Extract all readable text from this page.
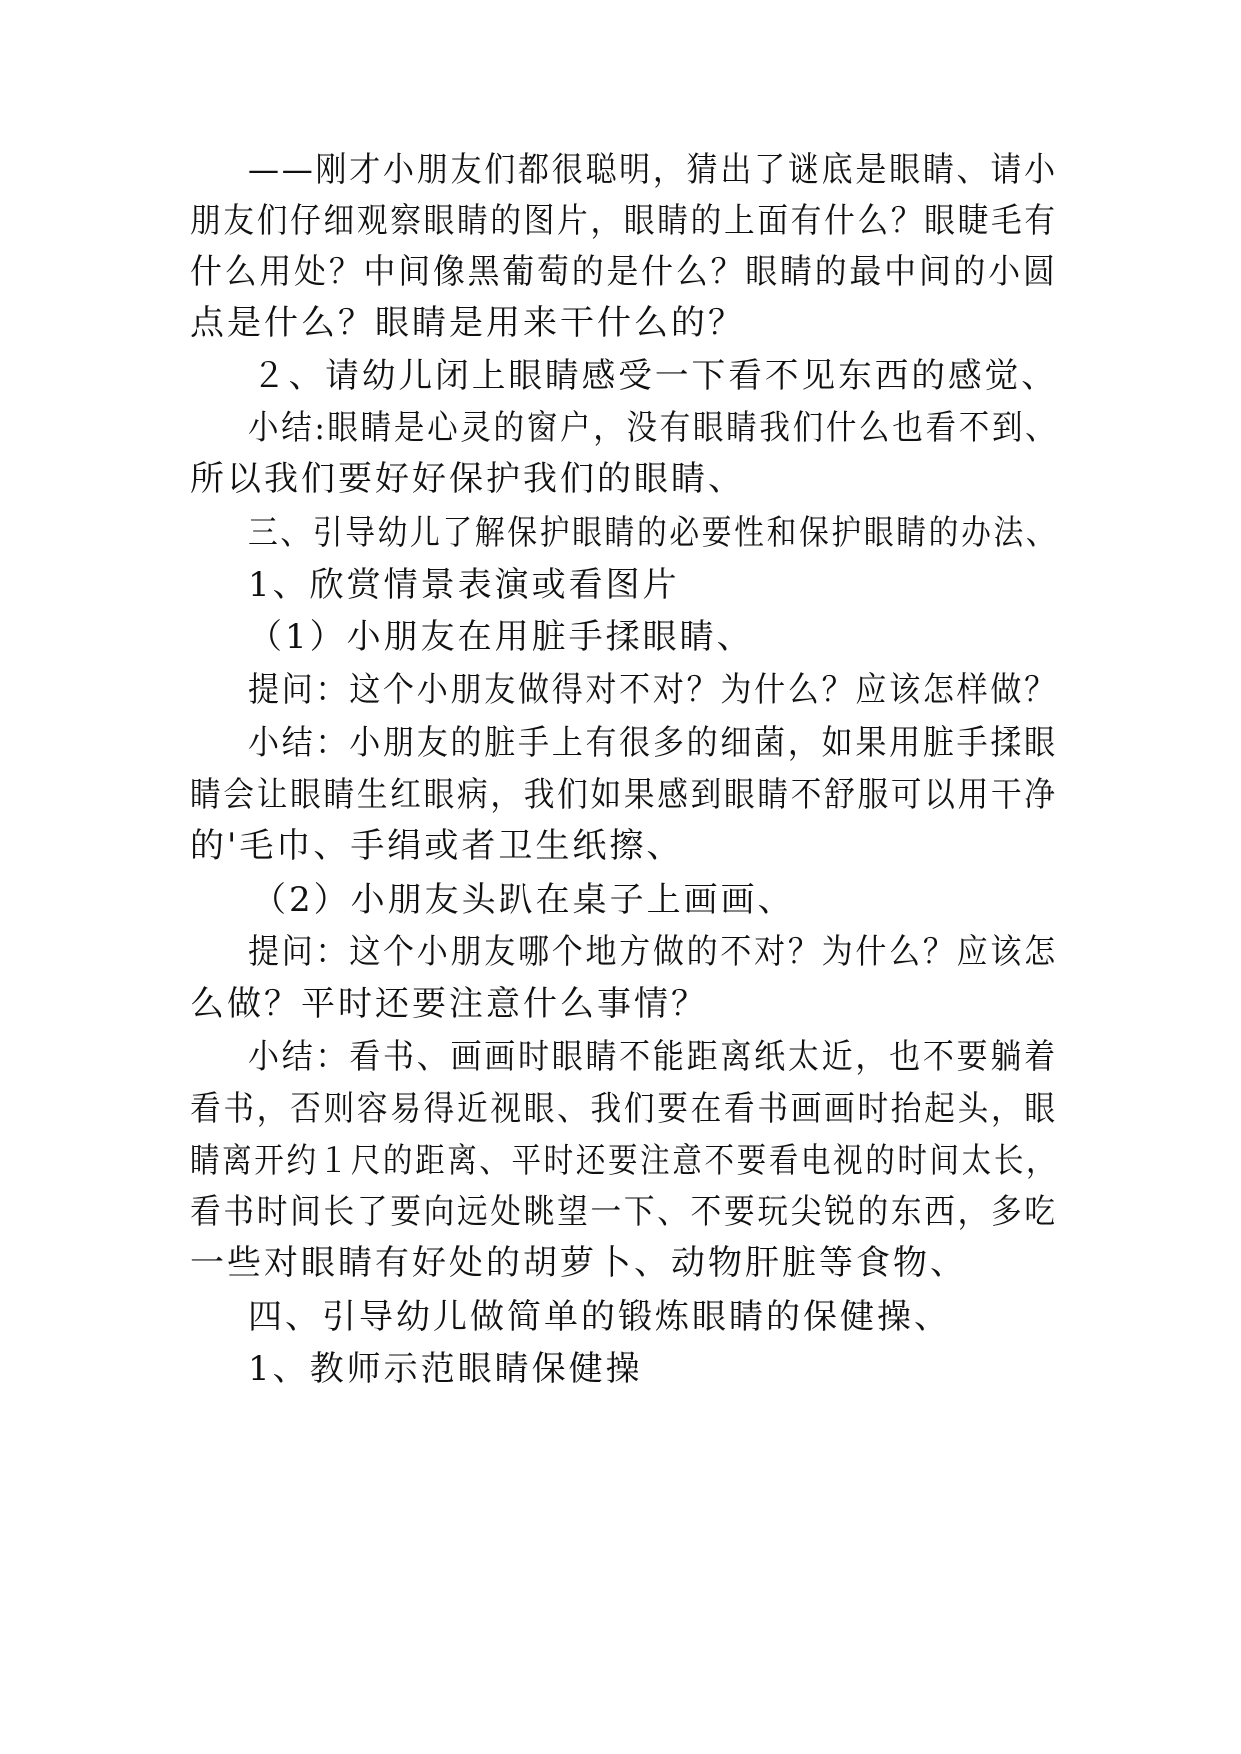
——刚才小朋友们都很聪明，猜出了谜底是眼睛、请小
朋友们仔细观察眼睛的图片，眼睛的上面有什么？眼睫毛有
什么用处？中间像黑葡萄的是什么？眼睛的最中间的小圆
点是什么？眼睛是用来干什么的？
２、请幼儿闭上眼睛感受一下看不见东西的感觉、
小结:眼睛是心灵的窗户，没有眼睛我们什么也看不到、
所以我们要好好保护我们的眼睛、
三、引导幼儿了解保护眼睛的必要性和保护眼睛的办法、
1、欣赏情景表演或看图片
（1）小朋友在用脏手揉眼睛、
提问：这个小朋友做得对不对？为什么？应该怎样做？
小结：小朋友的脏手上有很多的细菌，如果用脏手揉眼
睛会让眼睛生红眼病，我们如果感到眼睛不舒服可以用干净
的'毛巾、手绢或者卫生纸擦、
（2）小朋友头趴在桌子上画画、
提问：这个小朋友哪个地方做的不对？为什么？应该怎
么做？平时还要注意什么事情？
小结：看书、画画时眼睛不能距离纸太近，也不要躺着
看书，否则容易得近视眼、我们要在看书画画时抬起头，眼
睛离开约１尺的距离、平时还要注意不要看电视的时间太长，
看书时间长了要向远处眺望一下、不要玩尖锐的东西，多吃
一些对眼睛有好处的胡萝卜、动物肝脏等食物、
四、引导幼儿做简单的锻炼眼睛的保健操、
1、教师示范眼睛保健操
